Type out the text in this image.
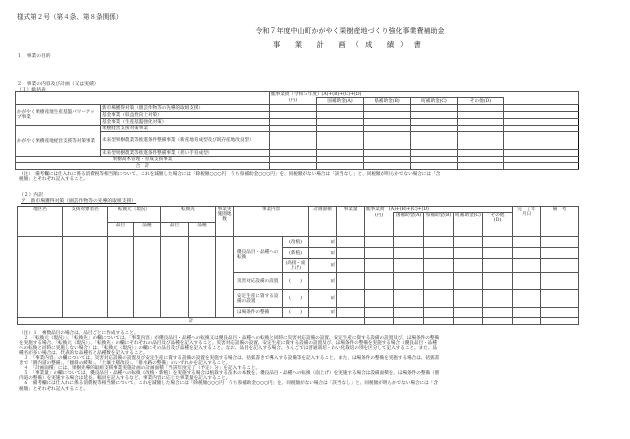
様式第２号（第４条、第８条関係）
令和７年度中山町かがやく果樹産地づくり強化事業費補助金
事 業 計 画（成 績）書
１　事業の目的
２　事業の内容及び計画（又は実績）
（１）総括表
		総事業費（令和５年度）(A)+(B)+(C)+(D)	
		(円)	国補助金(A)	県補助金(B)	町補助金(C)	その他(D)		
かがやく果樹産地生産基盤パワーアップ事業	新市場獲得対策（園芸作物等の先導的取組支援）							
	基金事業（収益性向上対策）							
	基金事業（生産基盤強化対策）							
かがやく果樹産地経営支援等対策事業	果樹経営支援対策事業							
	未来型果樹農業等推進条件整備事業（新産地育成型及び既存産地改良型）							
	未来型果樹農業等推進条件整備事業（担い手育成型）							
果樹高木管理・育成支援事業								
合　計								
（注）　備考欄には仕入れに係る消費税等相当額について、これを減額した場合には「除税額○○○円　うち県補助金○○○円」を、同税額がない場合は「該当なし」と、同税額が明らかでない場合には「含
税額」とそれぞれ記入すること。
（２）内訳
ア　新市場獲得対策（園芸作物等の先導的取組支援）
地区名	支援対象者名	転換元（現況）		転換先		事業実施園地数	事業内容		計画面積	事業量	総事業費　(A)+(B)+(C)+(D)					完　了年月日	備　考
											(円)	国補助金(A)	県補助金(B)	町補助金(C)	その他(D)		
		品目	品種	品目	品種												
							優良品目・品種への転換	(改植)	㎡								
								(新植)	㎡								
								(高接・面上げ)	㎡								
							災害対応設備の設置	(　　)	㎡								
							安定生産に資する設備の設置	(　　)	㎡								
							ほ場条件の整備	(　　)	㎡								
計																	
（注）１　複数品目の場合は、品目ごとに作成すること。
　２　「転換元（現況）」、「転換先」の欄については、「事業内容」が優良品目・品種への転換又は優良品目・品種への転換と同時に災害対応設備の設置、安定生産に資する設備の設置及び、ほ場条件の整備
を実施する場合、「転換元（現況）」、「転換先」の欄にそれぞれの品目及び品種を記入すること。災害対応設備の設置、安定生産に資する設備の設置及び、ほ場条件の整備を実施する場合（優良品目・品種
への転換と同時に実施しない場合）は、「転換元（現況）」の欄にその品目及び品種を記入すること。なお、品目を記入する場合、りんごでは普通栽培・わい化栽培の別を区分して記入すること。また、品
種名が多い場合は、代表的な品種名と品種数を記入すること。
　３　「事業内容」の欄については、災害対応設備の設置及び安定生産に資する設備の設置を実施する場合は、括弧書きで導入する設備等を記入すること。また、ほ場条件の整備を実施する場合は、括弧書
きで「園内道の整備」、「傾斜の緩和」、「土壌土層改良」、「排水路の整備」のいずれかを記入すること。
　４　「計画面積」には、果樹先導的取組支援事業実施計画の計画面積「当該年度完了（予定）分」を記入すること。
　５　「事業量」の欄については、優良品目・品種への転換（改植・新植）を実施する場合は植栽する苗木の本数を、優良品目・品種への転換（面上げ）を実施する場合は設備面積を、ほ場条件の整備（園
内道の整備）を実施する場合は延長、幅員を記入するなど、事業内容に応じた事業量を記入すること。
　６　備考欄には仕入れに係る消費税等相当額について、これを減額した場合には「除税額○○○円　うち県補助金○○○円」を、同税額がない場合は「該当なし」と、同税額が明らかでない場合には「含
税額」とそれぞれ記入すること。
